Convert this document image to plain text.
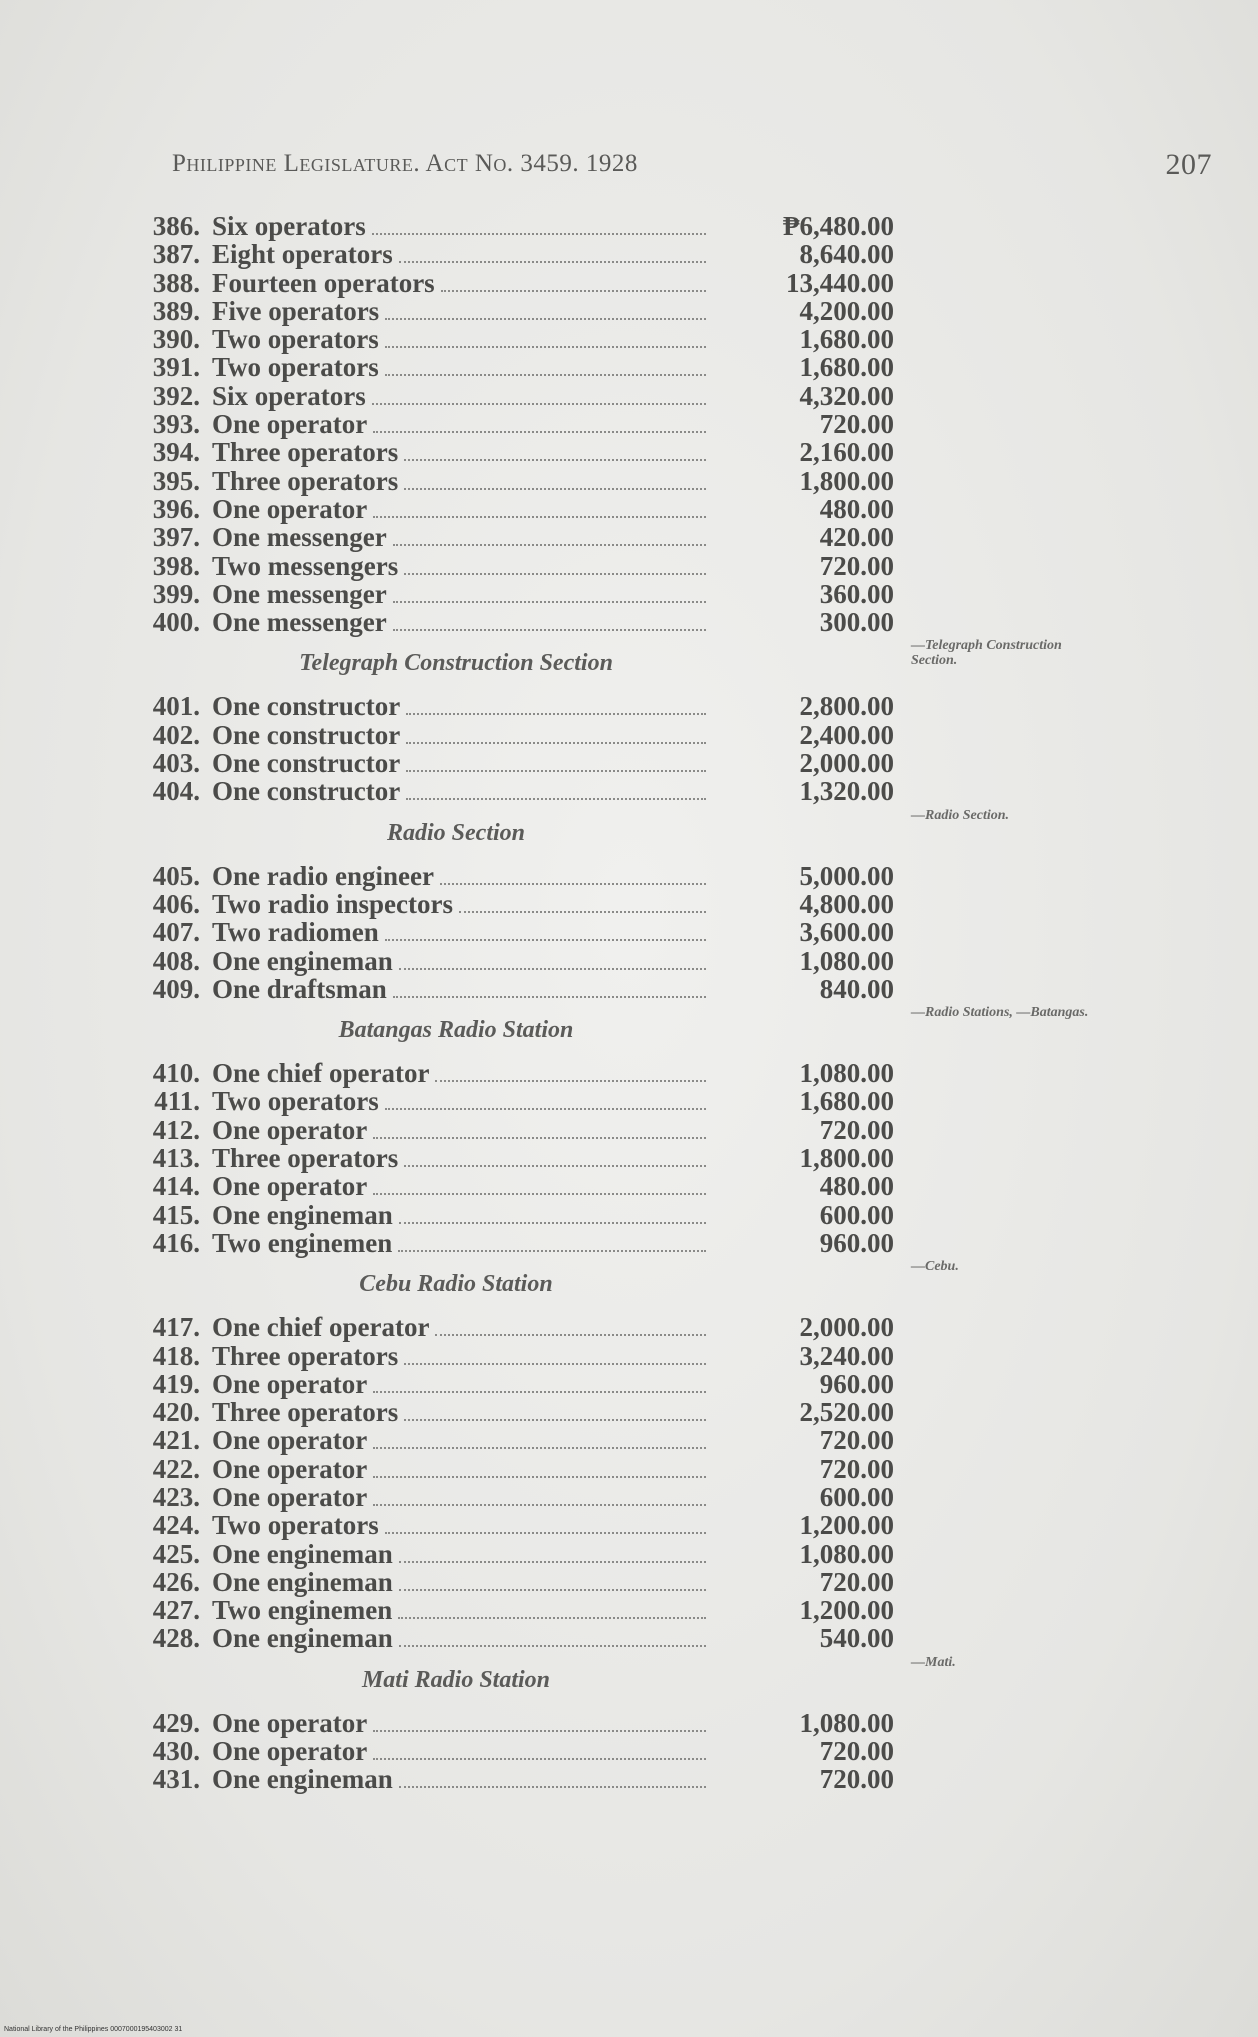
Philippine Legislature. Act No. 3459. 1928	207
386. Six operators	₱6,480.00
387. Eight operators	8,640.00
388. Fourteen operators	13,440.00
389. Five operators	4,200.00
390. Two operators	1,680.00
391. Two operators	1,680.00
392. Six operators	4,320.00
393. One operator	720.00
394. Three operators	2,160.00
395. Three operators	1,800.00
396. One operator	480.00
397. One messenger	420.00
398. Two messengers	720.00
399. One messenger	360.00
400. One messenger	300.00
Telegraph Construction Section
—Telegraph Construction Section.
401. One constructor	2,800.00
402. One constructor	2,400.00
403. One constructor	2,000.00
404. One constructor	1,320.00
Radio Section
—Radio Section.
405. One radio engineer	5,000.00
406. Two radio inspectors	4,800.00
407. Two radiomen	3,600.00
408. One engineman	1,080.00
409. One draftsman	840.00
Batangas Radio Station
—Radio Stations, —Batangas.
410. One chief operator	1,080.00
411. Two operators	1,680.00
412. One operator	720.00
413. Three operators	1,800.00
414. One operator	480.00
415. One engineman	600.00
416. Two enginemen	960.00
Cebu Radio Station
—Cebu.
417. One chief operator	2,000.00
418. Three operators	3,240.00
419. One operator	960.00
420. Three operators	2,520.00
421. One operator	720.00
422. One operator	720.00
423. One operator	600.00
424. Two operators	1,200.00
425. One engineman	1,080.00
426. One engineman	720.00
427. Two enginemen	1,200.00
428. One engineman	540.00
Mati Radio Station
—Mati.
429. One operator	1,080.00
430. One operator	720.00
431. One engineman	720.00
National Library of the Philippines 0007000195403002 31
